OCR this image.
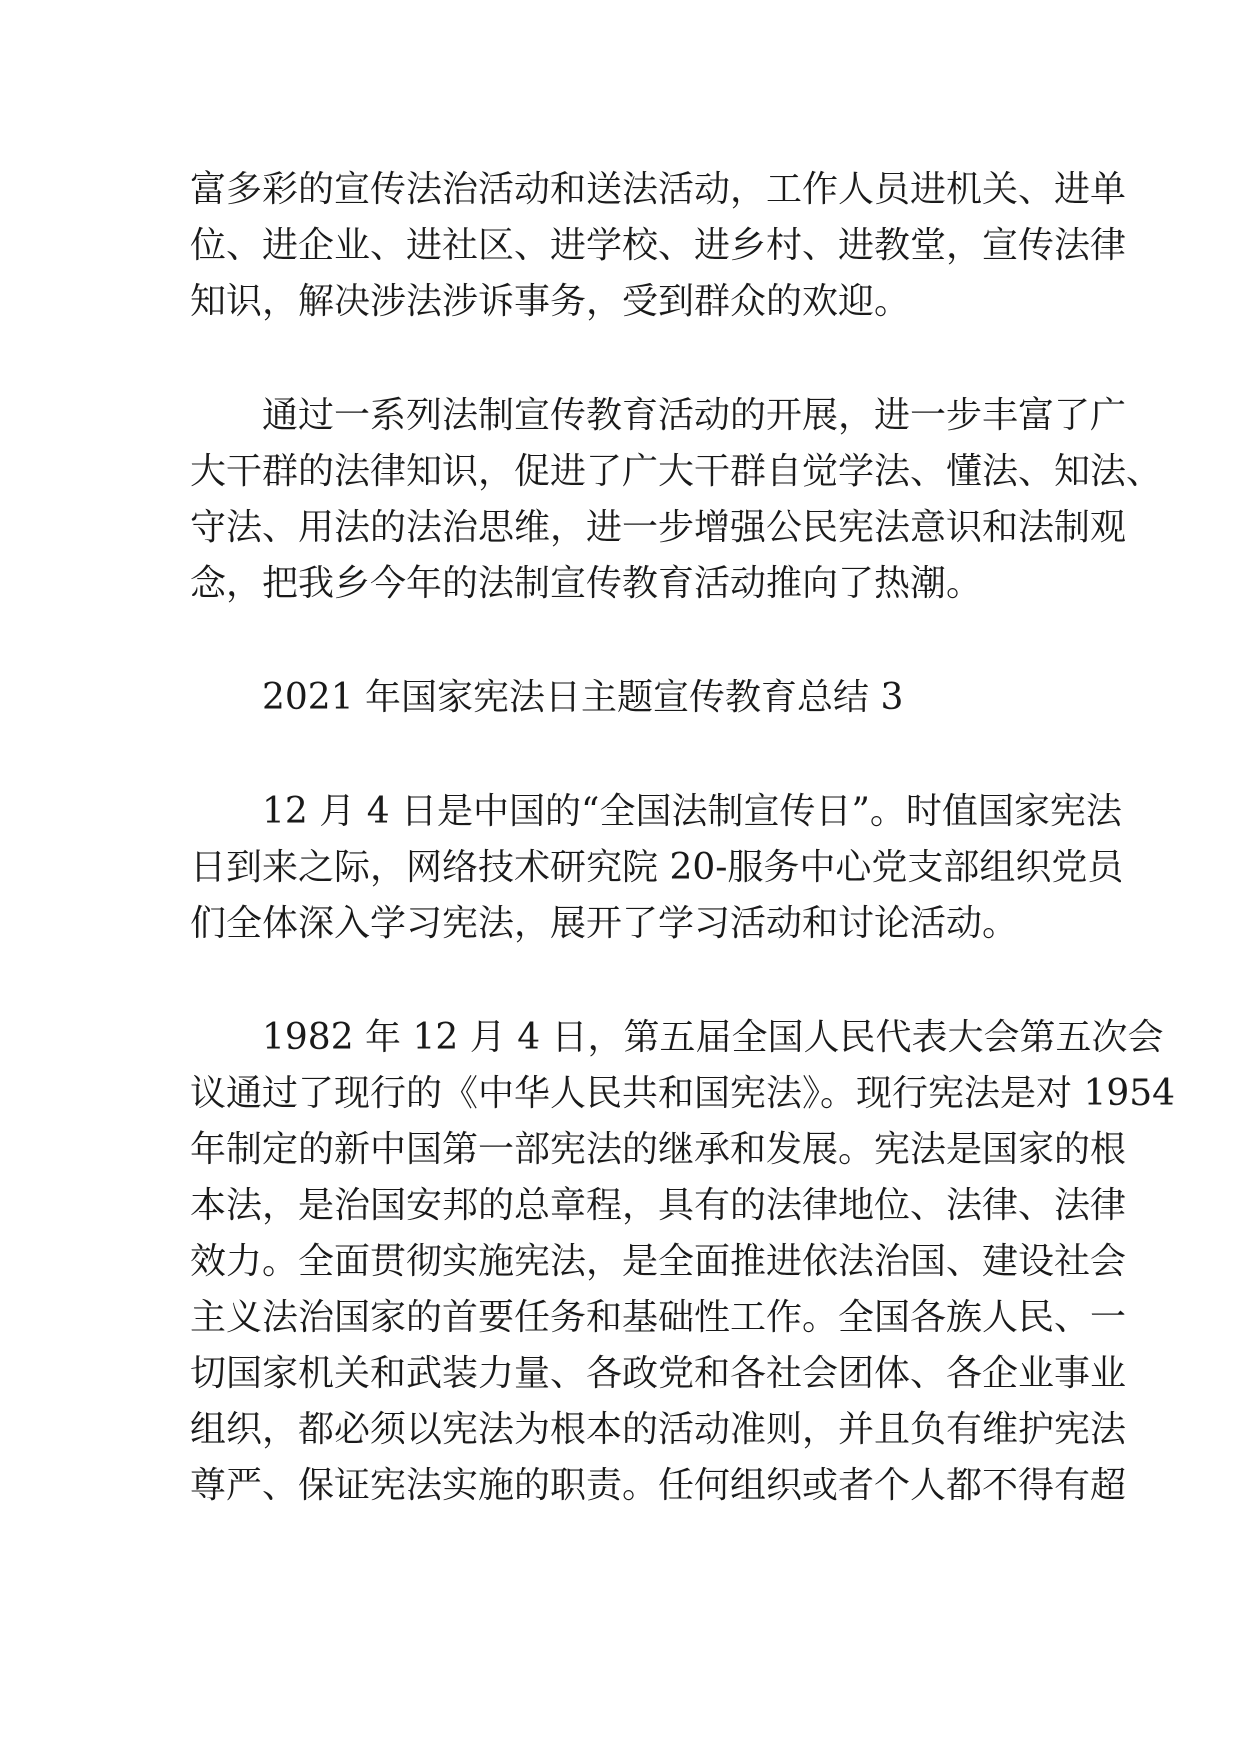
富多彩的宣传法治活动和送法活动，工作人员进机关、进单
位、进企业、进社区、进学校、进乡村、进教堂，宣传法律
知识，解决涉法涉诉事务，受到群众的欢迎。
通过一系列法制宣传教育活动的开展，进一步丰富了广
大干群的法律知识，促进了广大干群自觉学法、懂法、知法、
守法、用法的法治思维，进一步增强公民宪法意识和法制观
念，把我乡今年的法制宣传教育活动推向了热潮。
2021 年国家宪法日主题宣传教育总结 3
12 月 4 日是中国的“全国法制宣传日”。时值国家宪法
日到来之际，网络技术研究院 20-服务中心党支部组织党员
们全体深入学习宪法，展开了学习活动和讨论活动。
1982 年 12 月 4 日，第五届全国人民代表大会第五次会
议通过了现行的《中华人民共和国宪法》。现行宪法是对 1954
年制定的新中国第一部宪法的继承和发展。宪法是国家的根
本法，是治国安邦的总章程，具有的法律地位、法律、法律
效力。全面贯彻实施宪法，是全面推进依法治国、建设社会
主义法治国家的首要任务和基础性工作。全国各族人民、一
切国家机关和武装力量、各政党和各社会团体、各企业事业
组织，都必须以宪法为根本的活动准则，并且负有维护宪法
尊严、保证宪法实施的职责。任何组织或者个人都不得有超
